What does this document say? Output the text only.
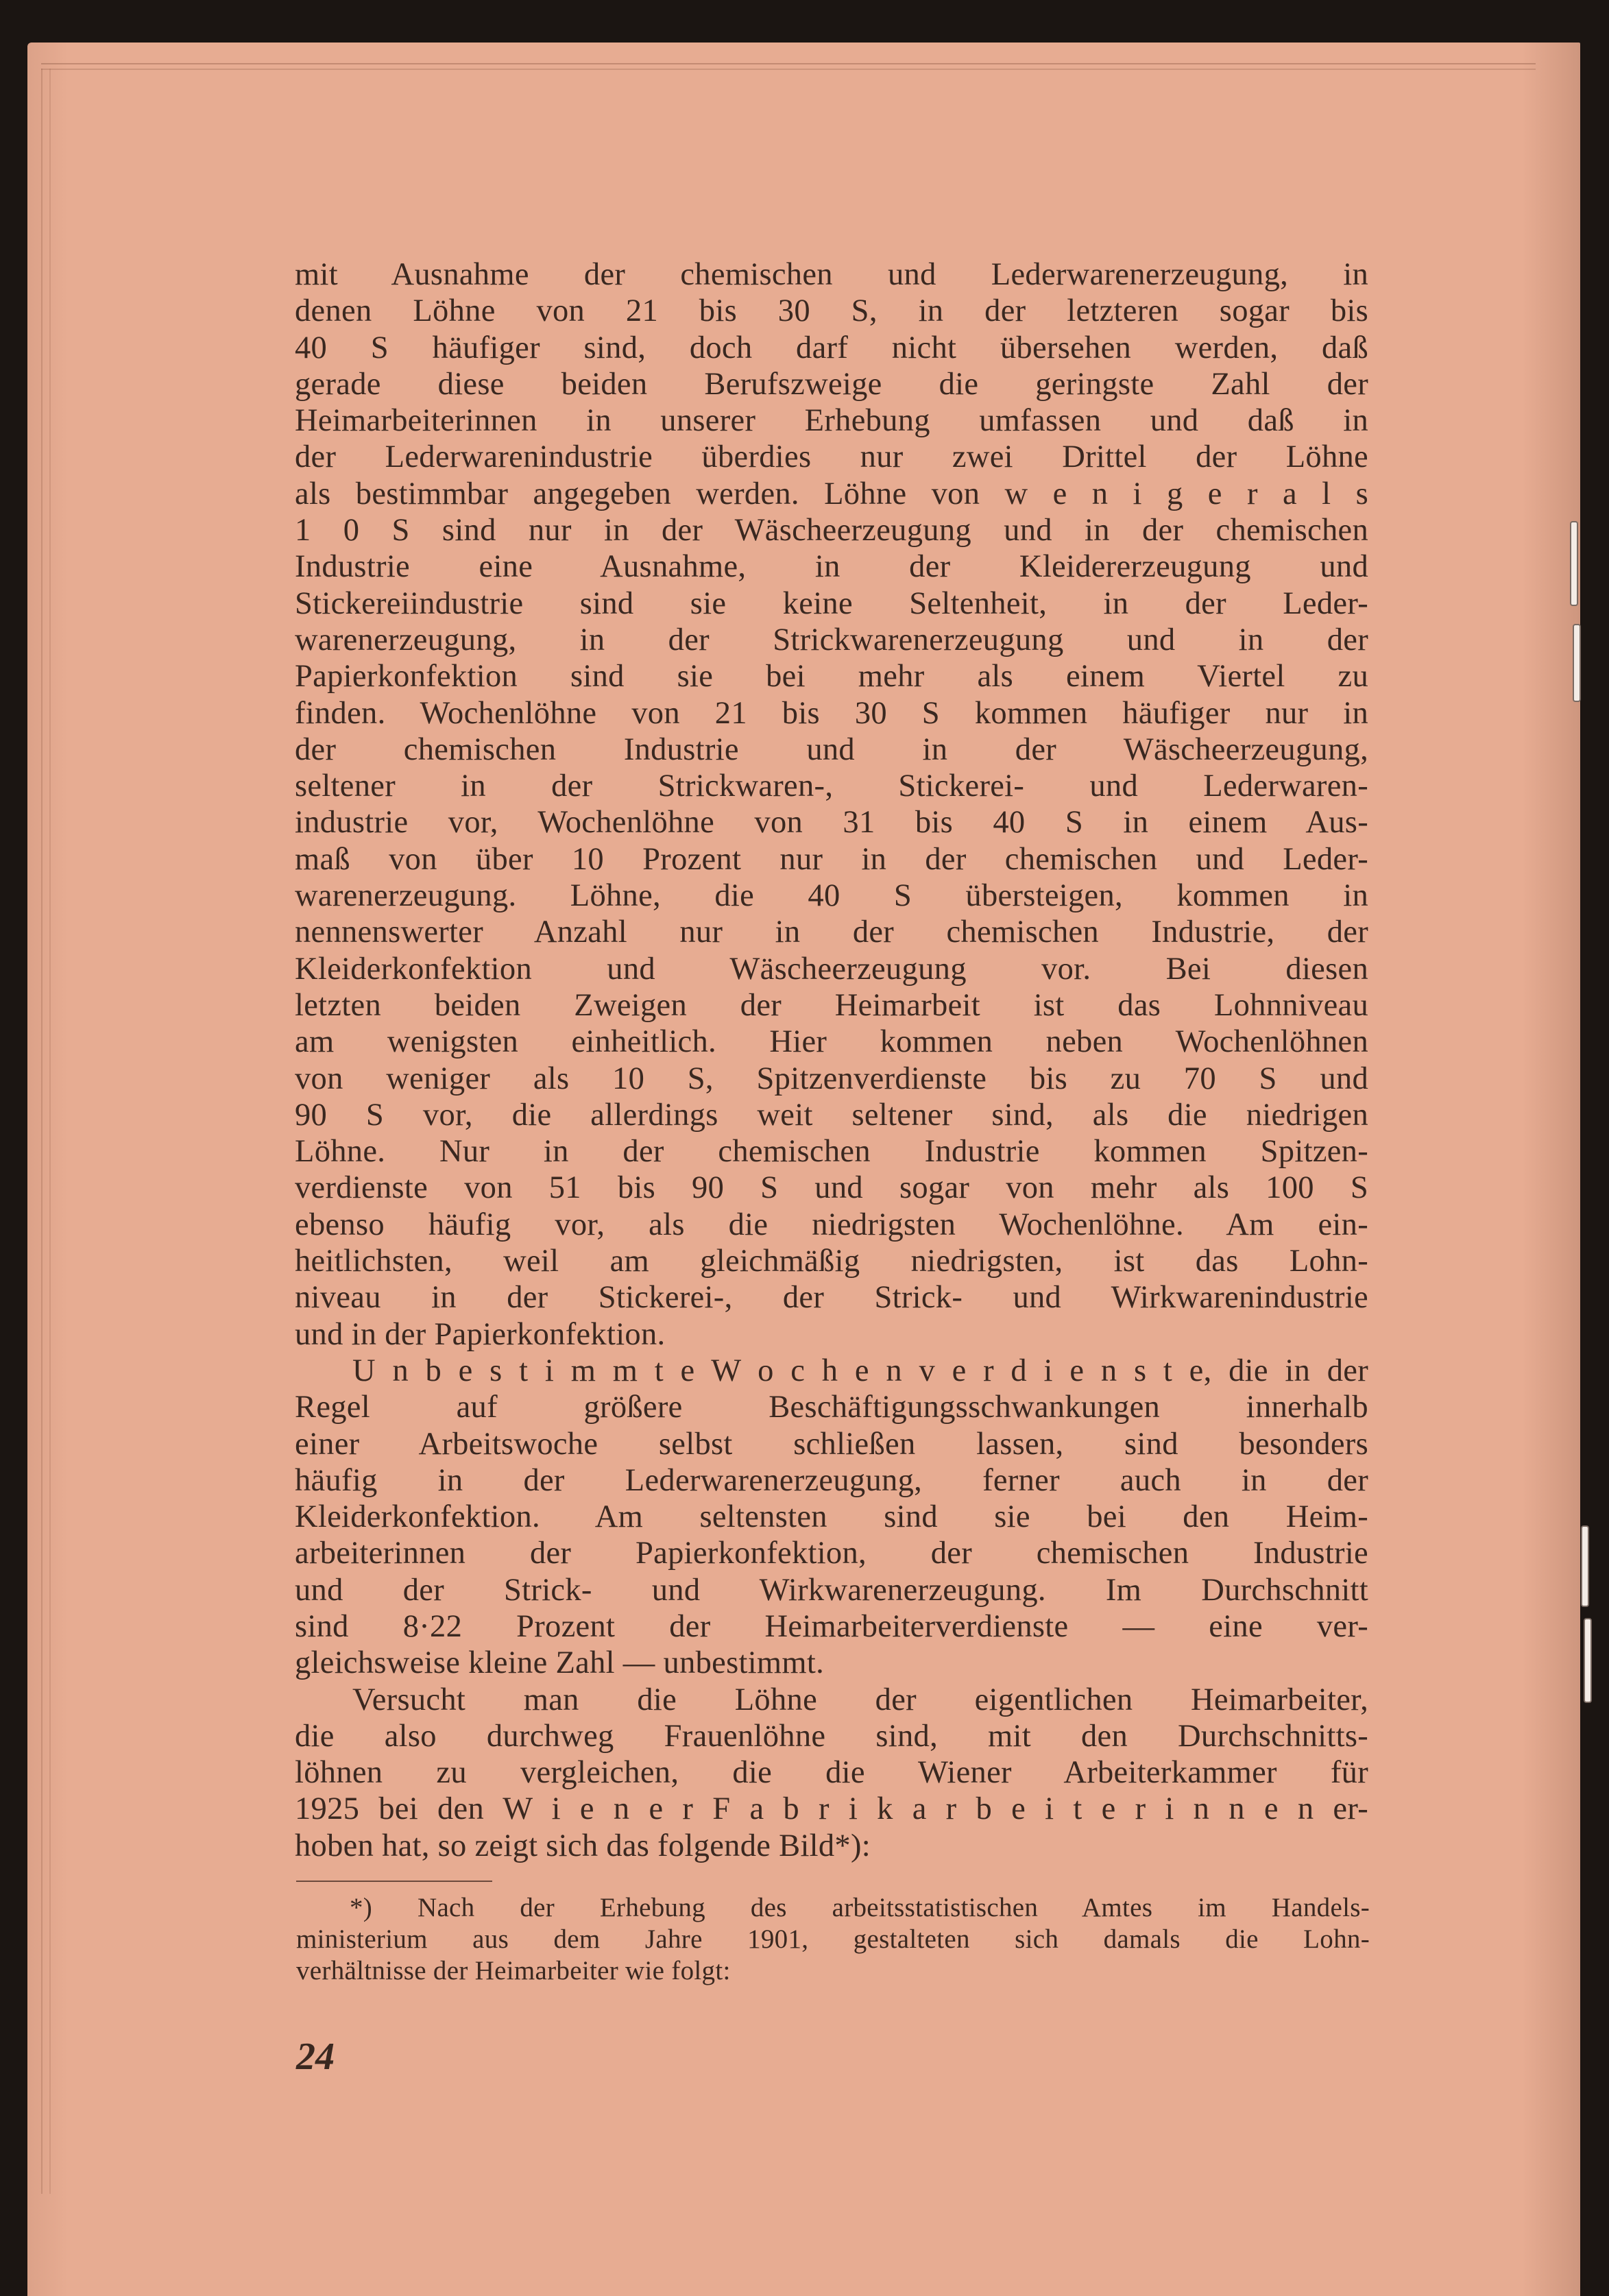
mit Ausnahme der chemischen und Lederwarenerzeugung, in
denen Löhne von 21 bis 30 S, in der letzteren sogar bis
40 S häufiger sind, doch darf nicht übersehen werden, daß
gerade diese beiden Berufszweige die geringste Zahl der
Heimarbeiterinnen in unserer Erhebung umfassen und daß in
der Lederwarenindustrie überdies nur zwei Drittel der Löhne
als bestimmbar angegeben werden. Löhne von w e n i g e r a l s
1 0 S sind nur in der Wäscheerzeugung und in der chemischen
Industrie eine Ausnahme, in der Kleidererzeugung und
Stickereiindustrie sind sie keine Seltenheit, in der Leder-
warenerzeugung, in der Strickwarenerzeugung und in der
Papierkonfektion sind sie bei mehr als einem Viertel zu
finden. Wochenlöhne von 21 bis 30 S kommen häufiger nur in
der chemischen Industrie und in der Wäscheerzeugung,
seltener in der Strickwaren-, Stickerei- und Lederwaren-
industrie vor, Wochenlöhne von 31 bis 40 S in einem Aus-
maß von über 10 Prozent nur in der chemischen und Leder-
warenerzeugung. Löhne, die 40 S übersteigen, kommen in
nennenswerter Anzahl nur in der chemischen Industrie, der
Kleiderkonfektion und Wäscheerzeugung vor. Bei diesen
letzten beiden Zweigen der Heimarbeit ist das Lohnniveau
am wenigsten einheitlich. Hier kommen neben Wochenlöhnen
von weniger als 10 S, Spitzenverdienste bis zu 70 S und
90 S vor, die allerdings weit seltener sind, als die niedrigen
Löhne. Nur in der chemischen Industrie kommen Spitzen-
verdienste von 51 bis 90 S und sogar von mehr als 100 S
ebenso häufig vor, als die niedrigsten Wochenlöhne. Am ein-
heitlichsten, weil am gleichmäßig niedrigsten, ist das Lohn-
niveau in der Stickerei-, der Strick- und Wirkwarenindustrie
und in der Papierkonfektion.
U n b e s t i m m t e W o c h e n v e r d i e n s t e, die in der
Regel auf größere Beschäftigungsschwankungen innerhalb
einer Arbeitswoche selbst schließen lassen, sind besonders
häufig in der Lederwarenerzeugung, ferner auch in der
Kleiderkonfektion. Am seltensten sind sie bei den Heim-
arbeiterinnen der Papierkonfektion, der chemischen Industrie
und der Strick- und Wirkwarenerzeugung. Im Durchschnitt
sind 8·22 Prozent der Heimarbeiterverdienste — eine ver-
gleichsweise kleine Zahl — unbestimmt.
Versucht man die Löhne der eigentlichen Heimarbeiter,
die also durchweg Frauenlöhne sind, mit den Durchschnitts-
löhnen zu vergleichen, die die Wiener Arbeiterkammer für
1925 bei den W i e n e r F a b r i k a r b e i t e r i n n e n er-
hoben hat, so zeigt sich das folgende Bild*):
*) Nach der Erhebung des arbeitsstatistischen Amtes im Handels-
ministerium aus dem Jahre 1901, gestalteten sich damals die Lohn-
verhältnisse der Heimarbeiter wie folgt:
24
